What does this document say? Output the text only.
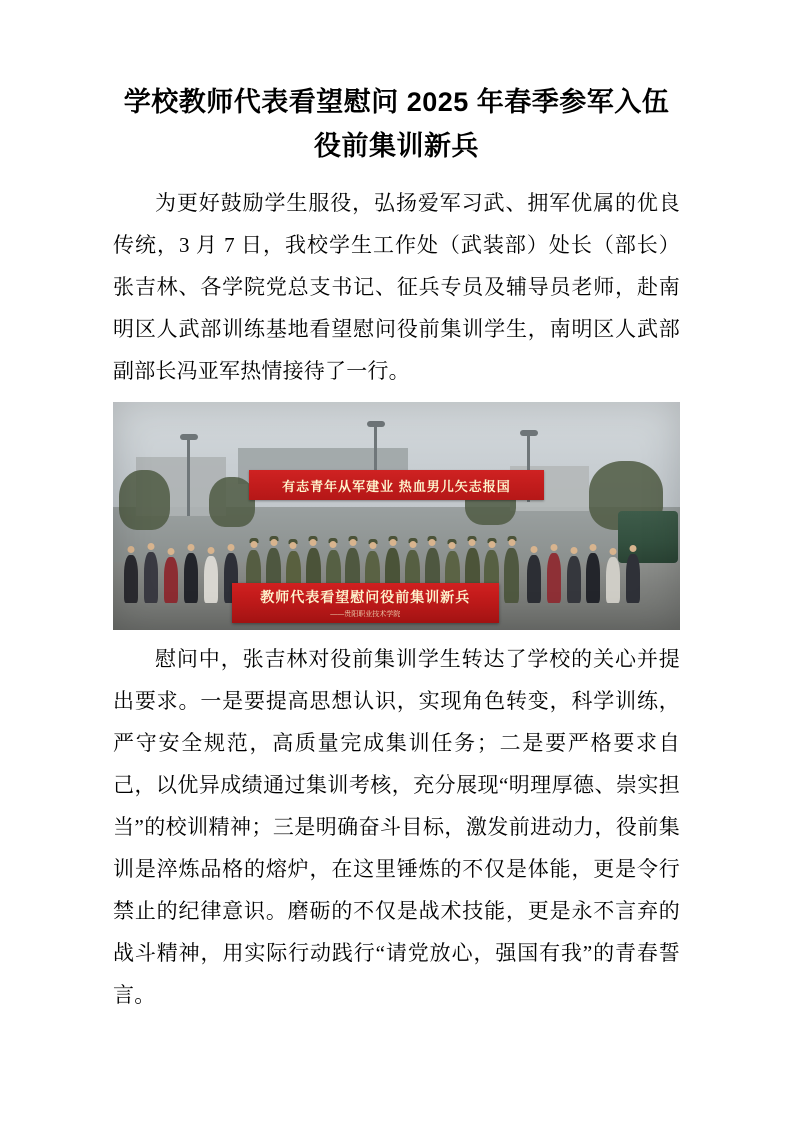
学校教师代表看望慰问 2025 年春季参军入伍役前集训新兵

为更好鼓励学生服役，弘扬爱军习武、拥军优属的优良传统，3 月 7 日，我校学生工作处（武装部）处长（部长）张吉林、各学院党总支书记、征兵专员及辅导员老师，赴南明区人武部训练基地看望慰问役前集训学生，南明区人武部副部长冯亚军热情接待了一行。

有志青年从军建业 热血男儿矢志报国
教师代表看望慰问役前集训新兵
——贵阳职业技术学院

慰问中，张吉林对役前集训学生转达了学校的关心并提出要求。一是要提高思想认识，实现角色转变，科学训练，严守安全规范，高质量完成集训任务；二是要严格要求自己，以优异成绩通过集训考核，充分展现“明理厚德、崇实担当”的校训精神；三是明确奋斗目标，激发前进动力，役前集训是淬炼品格的熔炉，在这里锤炼的不仅是体能，更是令行禁止的纪律意识。磨砺的不仅是战术技能，更是永不言弃的战斗精神，用实际行动践行“请党放心，强国有我”的青春誓言。
